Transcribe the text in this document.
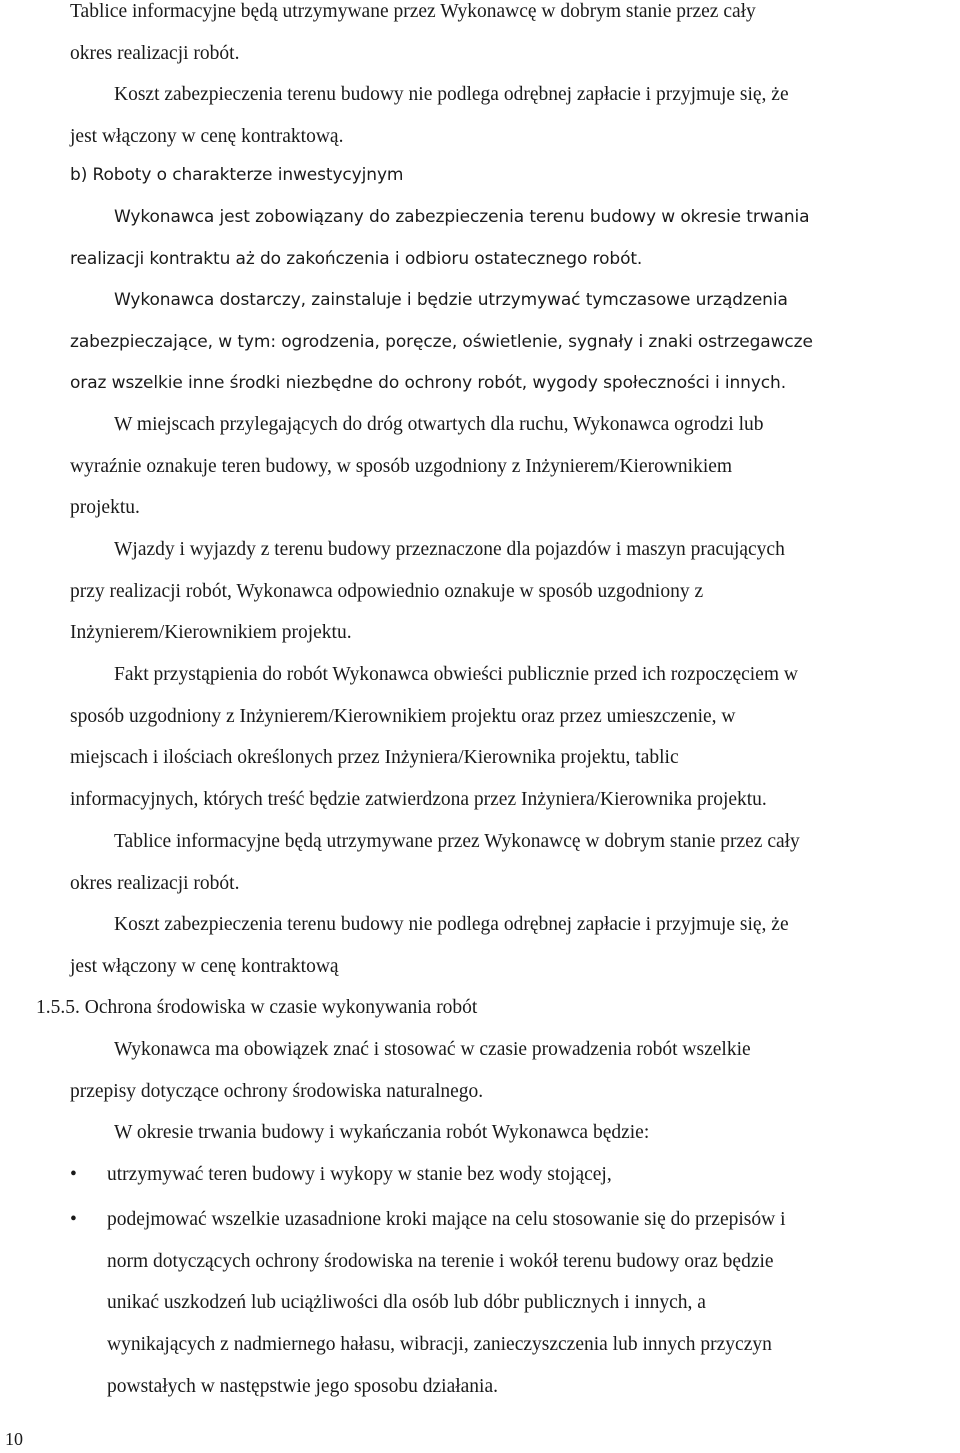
Tablice informacyjne będą utrzymywane przez Wykonawcę w dobrym stanie przez cały
okres realizacji robót.
Koszt zabezpieczenia terenu budowy nie podlega odrębnej zapłacie i przyjmuje się, że
jest włączony w cenę kontraktową.
b) Roboty o charakterze inwestycyjnym
Wykonawca jest zobowiązany do zabezpieczenia terenu budowy w okresie trwania
realizacji kontraktu aż do zakończenia i odbioru ostatecznego robót.
Wykonawca dostarczy, zainstaluje i będzie utrzymywać tymczasowe urządzenia
zabezpieczające, w tym: ogrodzenia, poręcze, oświetlenie, sygnały i znaki ostrzegawcze
oraz wszelkie inne środki niezbędne do ochrony robót, wygody społeczności i innych.
W miejscach przylegających do dróg otwartych dla ruchu, Wykonawca ogrodzi lub
wyraźnie oznakuje teren budowy, w sposób uzgodniony z Inżynierem/Kierownikiem
projektu.
Wjazdy i wyjazdy z terenu budowy przeznaczone dla pojazdów i maszyn pracujących
przy realizacji robót, Wykonawca odpowiednio oznakuje w sposób uzgodniony z
Inżynierem/Kierownikiem projektu.
Fakt przystąpienia do robót Wykonawca obwieści publicznie przed ich rozpoczęciem w
sposób uzgodniony z Inżynierem/Kierownikiem projektu oraz przez umieszczenie, w
miejscach i ilościach określonych przez Inżyniera/Kierownika projektu, tablic
informacyjnych, których treść będzie zatwierdzona przez Inżyniera/Kierownika projektu.
Tablice informacyjne będą utrzymywane przez Wykonawcę w dobrym stanie przez cały
okres realizacji robót.
Koszt zabezpieczenia terenu budowy nie podlega odrębnej zapłacie i przyjmuje się, że
jest włączony w cenę kontraktową
1.5.5. Ochrona środowiska w czasie wykonywania robót
Wykonawca ma obowiązek znać i stosować w czasie prowadzenia robót wszelkie
przepisy dotyczące ochrony środowiska naturalnego.
W okresie trwania budowy i wykańczania robót Wykonawca będzie:
•	utrzymywać teren budowy i wykopy w stanie bez wody stojącej,
•	podejmować wszelkie uzasadnione kroki mające na celu stosowanie się do przepisów i
norm dotyczących ochrony środowiska na terenie i wokół terenu budowy oraz będzie
unikać uszkodzeń lub uciążliwości dla osób lub dóbr publicznych i innych, a
wynikających z nadmiernego hałasu, wibracji, zanieczyszczenia lub innych przyczyn
powstałych w następstwie jego sposobu działania.
10
